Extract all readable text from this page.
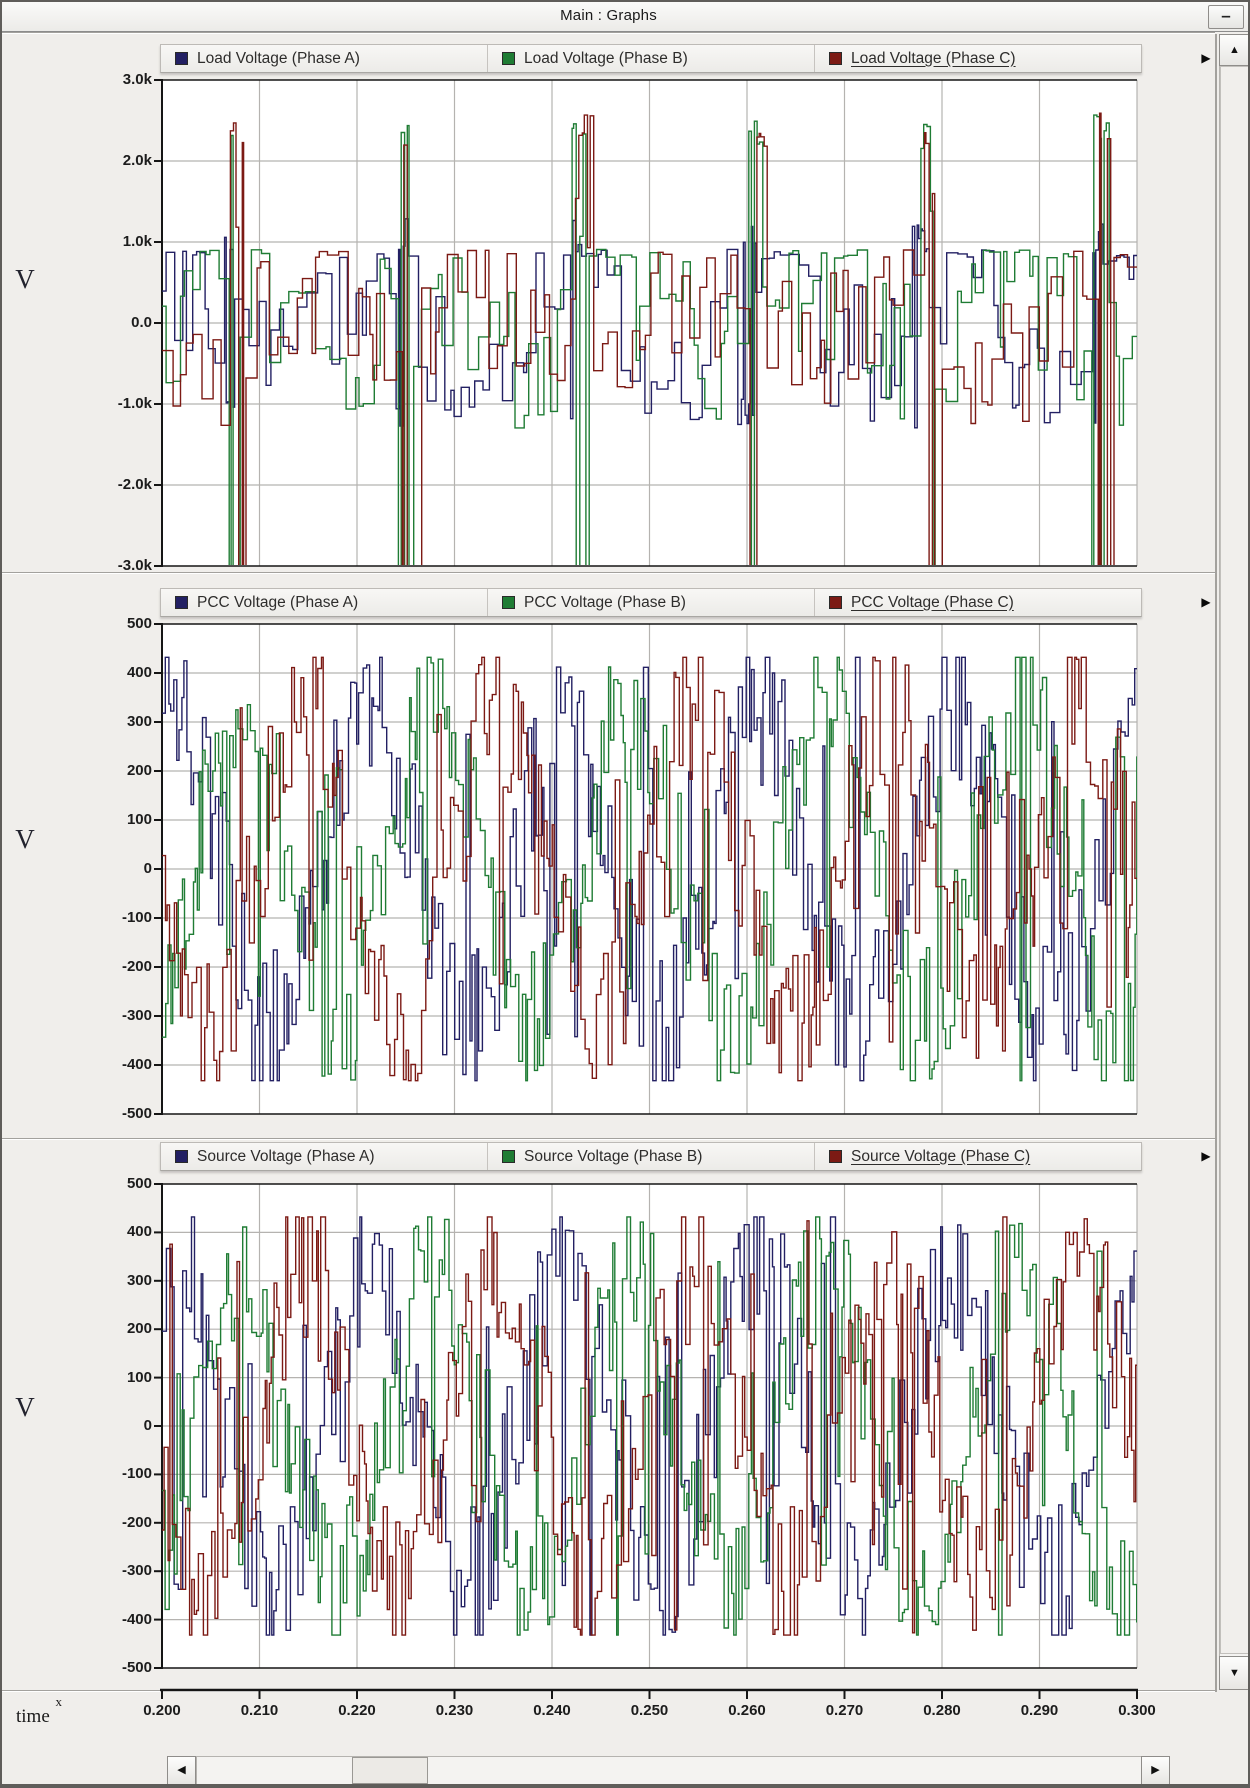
Main : Graphs	–
Load Voltage (Phase A)	Load Voltage (Phase B)	Load Voltage (Phase C)	▶
V
PCC Voltage (Phase A)	PCC Voltage (Phase B)	PCC Voltage (Phase C)	▶
V
Source Voltage (Phase A)	Source Voltage (Phase B)	Source Voltage (Phase C)	▶
V
x
time
3.0k
2.0k
1.0k
0.0
-1.0k
-2.0k
-3.0k
500
400
300
200
100
0
-100
-200
-300
-400
-500
500
400
300
200
100
0
-100
-200
-300
-400
-500
0.200	0.210	0.220	0.230	0.240	0.250	0.260	0.270	0.280	0.290	0.300
▲
▼
◀	▶
